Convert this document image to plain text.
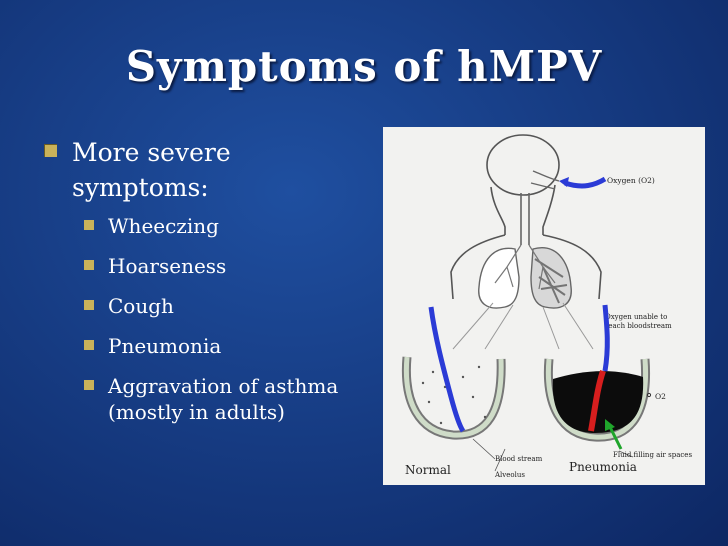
Symptoms of hMPV
More severe symptoms:
Wheeczing
Hoarseness
Cough
Pneumonia
Aggravation of asthma (mostly in adults)
Oxygen (O2)
Oxygen unable to
reach bloodstream
O2
Fluid filling air spaces
Blood stream
Alveolus
Normal	Pneumonia
